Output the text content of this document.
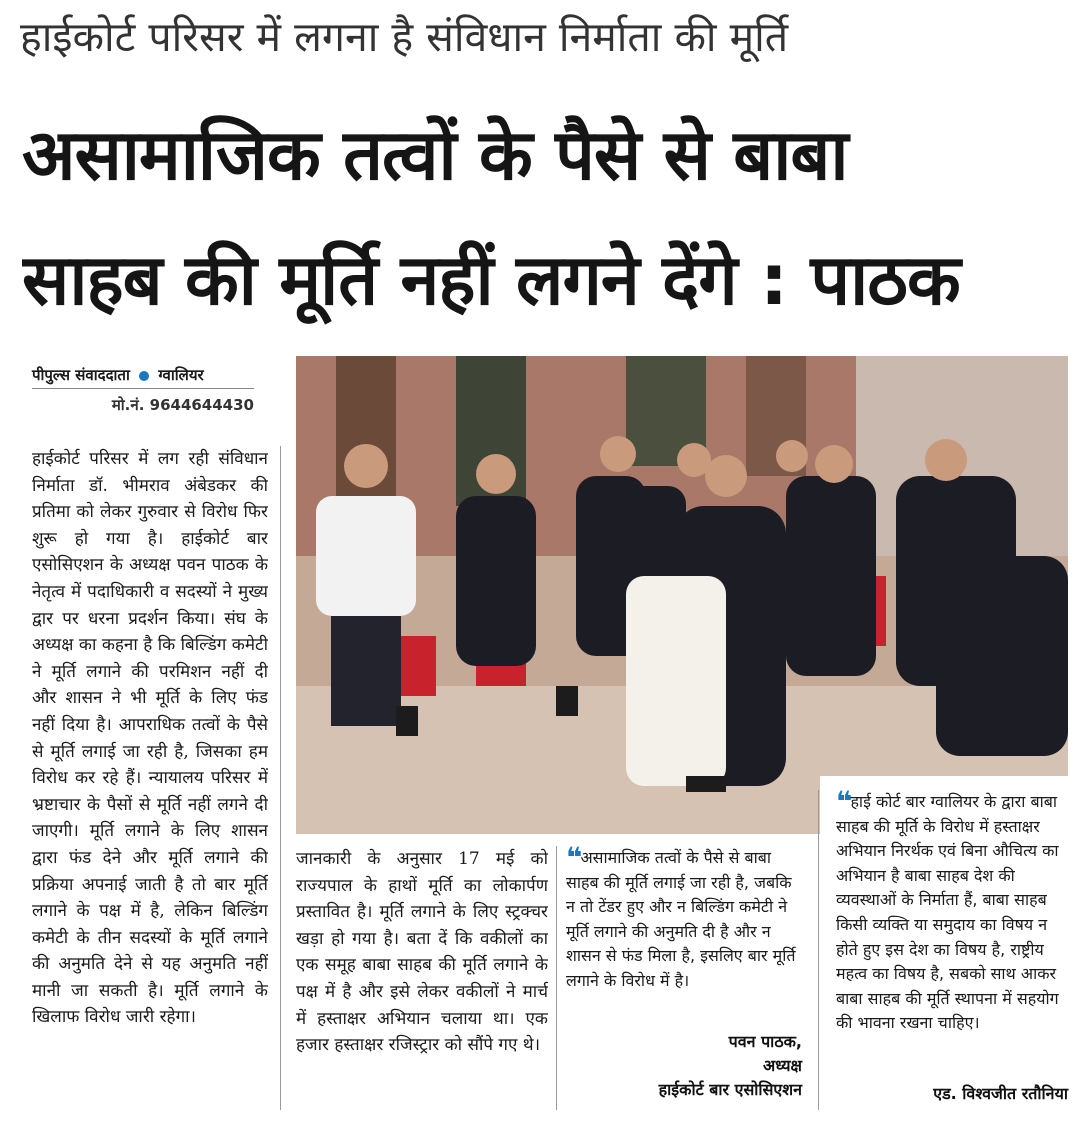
हाईकोर्ट परिसर में लगना है संविधान निर्माता की मूर्ति
असामाजिक तत्वों के पैसे से बाबा
साहब की मूर्ति नहीं लगने देंगे : पाठक
पीपुल्स संवाददाता ग्वालियर
मो.नं. 9644644430
हाईकोर्ट परिसर में लग रही संविधान निर्माता डॉ. भीमराव अंबेडकर की प्रतिमा को लेकर गुरुवार से विरोध फिर शुरू हो गया है। हाईकोर्ट बार एसोसिएशन के अध्यक्ष पवन पाठक के नेतृत्व में पदाधिकारी व सदस्यों ने मुख्य द्वार पर धरना प्रदर्शन किया। संघ के अध्यक्ष का कहना है कि बिल्डिंग कमेटी ने मूर्ति लगाने की परमिशन नहीं दी और शासन ने भी मूर्ति के लिए फंड नहीं दिया है। आपराधिक तत्वों के पैसे से मूर्ति लगाई जा रही है, जिसका हम विरोध कर रहे हैं। न्यायालय परिसर में भ्रष्टाचार के पैसों से मूर्ति नहीं लगने दी जाएगी। मूर्ति लगाने के लिए शासन द्वारा फंड देने और मूर्ति लगाने की प्रक्रिया अपनाई जाती है तो बार मूर्ति लगाने के पक्ष में है, लेकिन बिल्डिंग कमेटी के तीन सदस्यों के मूर्ति लगाने की अनुमति देने से यह अनुमति नहीं मानी जा सकती है। मूर्ति लगाने के खिलाफ विरोध जारी रहेगा।
जानकारी के अनुसार 17 मई को राज्यपाल के हाथों मूर्ति का लोकार्पण प्रस्तावित है। मूर्ति लगाने के लिए स्ट्रक्चर खड़ा हो गया है। बता दें कि वकीलों का एक समूह बाबा साहब की मूर्ति लगाने के पक्ष में है और इसे लेकर वकीलों ने मार्च में हस्ताक्षर अभियान चलाया था। एक हजार हस्ताक्षर रजिस्ट्रार को सौंपे गए थे।
❝ असामाजिक तत्वों के पैसे से बाबा साहब की मूर्ति लगाई जा रही है, जबकि न तो टेंडर हुए और न बिल्डिंग कमेटी ने मूर्ति लगाने की अनुमति दी है और न शासन से फंड मिला है, इसलिए बार मूर्ति लगाने के विरोध में है।
पवन पाठक,
अध्यक्ष
हाईकोर्ट बार एसोसिएशन
❝ हाई कोर्ट बार ग्वालियर के द्वारा बाबा साहब की मूर्ति के विरोध में हस्ताक्षर अभियान निरर्थक एवं बिना औचित्य का अभियान है बाबा साहब देश की व्यवस्थाओं के निर्माता हैं, बाबा साहब किसी व्यक्ति या समुदाय का विषय न होते हुए इस देश का विषय है, राष्ट्रीय महत्व का विषय है, सबको साथ आकर बाबा साहब की मूर्ति स्थापना में सहयोग की भावना रखना चाहिए।
एड. विश्वजीत रतौनिया
